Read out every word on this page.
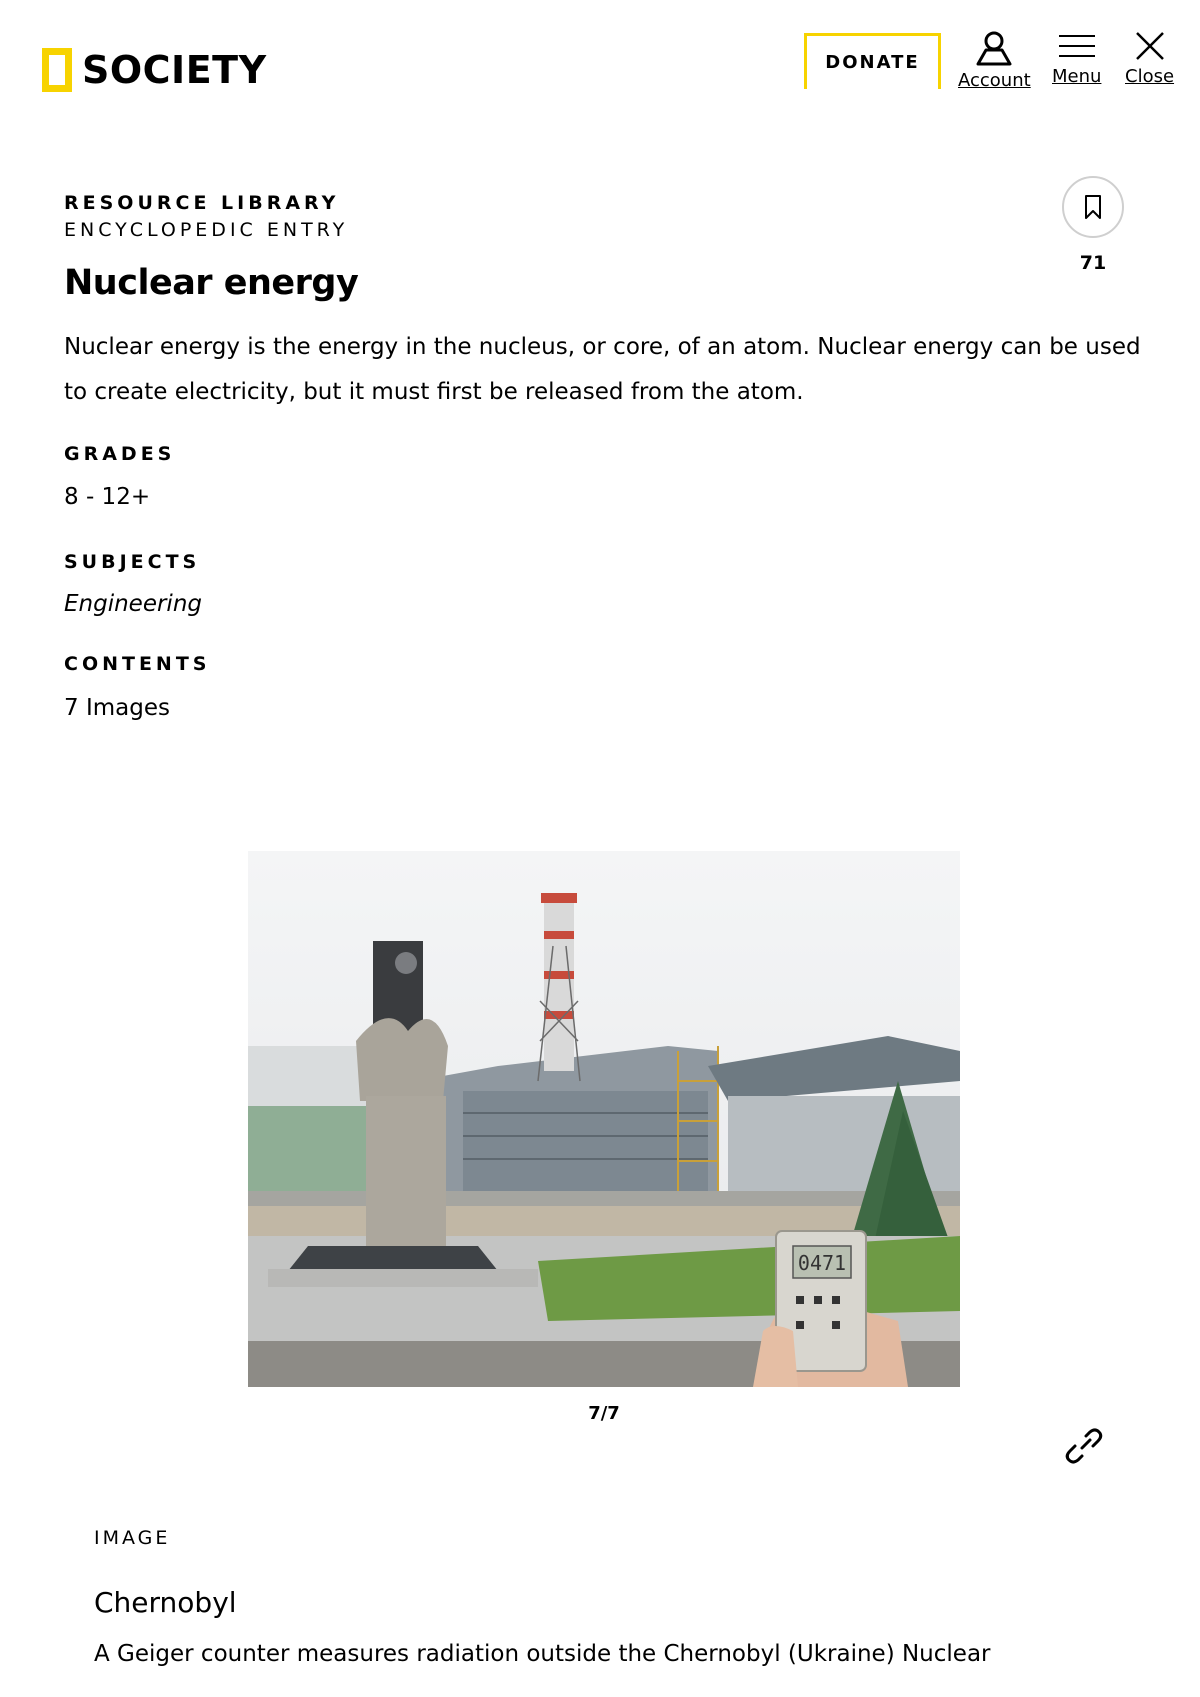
SOCIETY	DONATE
Account Menu Close
RESOURCE LIBRARY
ENCYCLOPEDIC ENTRY
Nuclear energy

Nuclear energy is the energy in the nucleus, or core, of an atom. Nuclear energy can be used to create electricity, but it must first be released from the atom.

71
GRADES
8 - 12+
SUBJECTS
Engineering
CONTENTS
7 Images
0471
7/7
IMAGE
Chernobyl
A Geiger counter measures radiation outside the Chernobyl (Ukraine) Nuclear
